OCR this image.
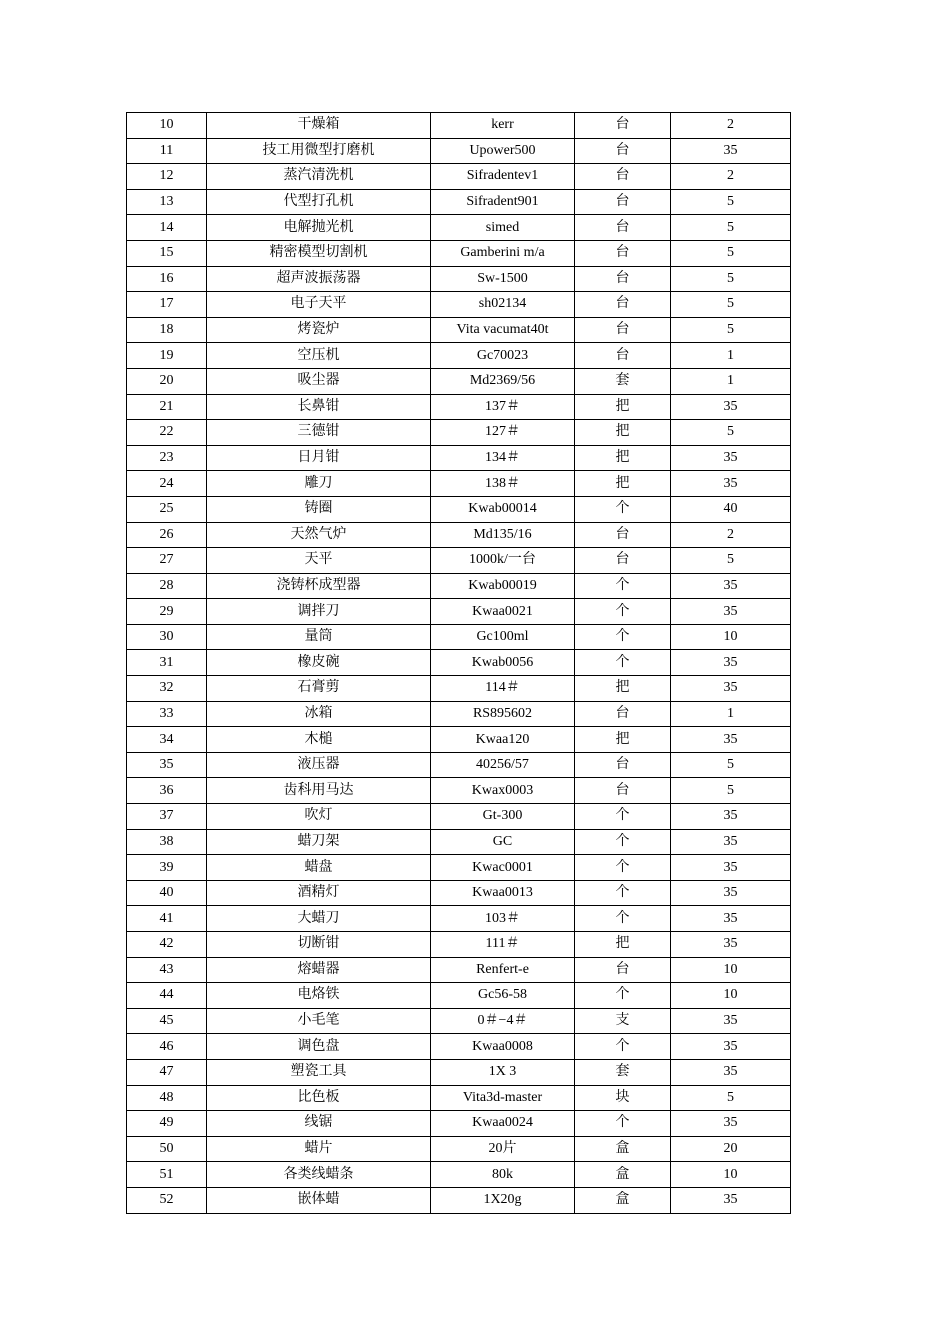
10	干燥箱	kerr	台	2
11	技工用微型打磨机	Upower500	台	35
12	蒸汽清洗机	Sifradentev1	台	2
13	代型打孔机	Sifradent901	台	5
14	电解抛光机	simed	台	5
15	精密模型切割机	Gamberini m/a	台	5
16	超声波振荡器	Sw-1500	台	5
17	电子天平	sh02134	台	5
18	烤瓷炉	Vita vacumat40t	台	5
19	空压机	Gc70023	台	1
20	吸尘器	Md2369/56	套	1
21	长鼻钳	137＃	把	35
22	三德钳	127＃	把	5
23	日月钳	134＃	把	35
24	雕刀	138＃	把	35
25	铸圈	Kwab00014	个	40
26	天然气炉	Md135/16	台	2
27	天平	1000k/一台	台	5
28	浇铸杯成型器	Kwab00019	个	35
29	调拌刀	Kwaa0021	个	35
30	量筒	Gc100ml	个	10
31	橡皮碗	Kwab0056	个	35
32	石膏剪	114＃	把	35
33	冰箱	RS895602	台	1
34	木槌	Kwaa120	把	35
35	液压器	40256/57	台	5
36	齿科用马达	Kwax0003	台	5
37	吹灯	Gt-300	个	35
38	蜡刀架	GC	个	35
39	蜡盘	Kwac0001	个	35
40	酒精灯	Kwaa0013	个	35
41	大蜡刀	103＃	个	35
42	切断钳	111＃	把	35
43	熔蜡器	Renfert-e	台	10
44	电烙铁	Gc56-58	个	10
45	小毛笔	0＃−4＃	支	35
46	调色盘	Kwaa0008	个	35
47	塑瓷工具	1X 3	套	35
48	比色板	Vita3d-master	块	5
49	线锯	Kwaa0024	个	35
50	蜡片	20片	盒	20
51	各类线蜡条	80k	盒	10
52	嵌体蜡	1X20g	盒	35
